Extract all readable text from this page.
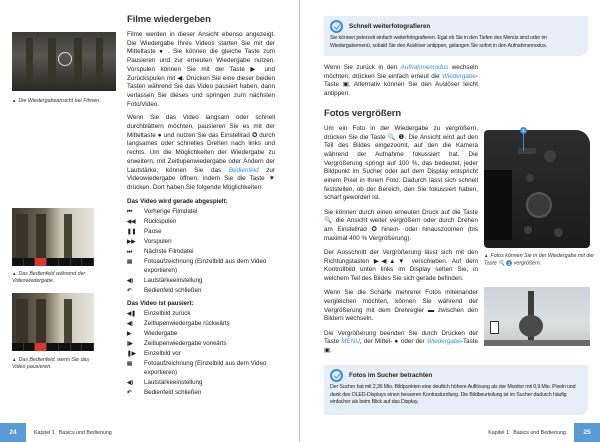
▲ Die Wiedergabeansicht bei Filmen.
▲ Das Bedienfeld während der Videowiedergabe.
▲ Das Bedienfeld, wenn Sie das Video pausieren.
Filme wiedergeben

Filme werden in dieser Ansicht ebenso angezeigt. Die Wiedergabe Ihres Videos starten Sie mit der Mitteltaste ● . Sie können die gleiche Taste zum Pausieren und zur erneuten Wiedergabe nutzen. Vorspulen können Sie mit der Taste ▶ und Zurückspulen mit ◀. Drücken Sie eine dieser beiden Tasten während Sie das Video pausiert haben, dann verlassen Sie dieses und springen zum nächsten Foto/Video.

Wenn Sie das Video langsam oder schnell durchblättern möchten, pausieren Sie es mit der Mitteltaste ● und nutzen Sie das Einstellrad ✪ durch langsames oder schnelles Drehen nach links und rechts. Um die Möglichkeiten der Wiedergabe zu erweitern, mit Zeitlupenwiedergabe oder Ändern der Lautstärke, können Sie das Bedienfeld zur Videowiedergabe öffnen, indem Sie die Taste ▼ drücken. Dort haben Sie folgende Möglichkeiten:

Das Video wird gerade abgespielt:
⏮	Vorherige Filmdatei
◀◀	Rückspulen
❚❚	Pause
▶▶	Vorspulen
⏭	Nächste Filmdatei
▤	Fotoaufzeichnung (Einzelbild aus dem Video exportieren)
◀)	Lautstärkeeinstellung
↶	Bedienfeld schließen
Das Video ist pausiert:
◀❚	Einzelbild zurück
◀|	Zeitlupenwiedergabe rückwärts
▶	Wiedergabe
|▶	Zeitlupenwiedergabe vorwärts
❚▶	Einzelbild vor
▤	Fotoaufzeichnung (Einzelbild aus dem Video exportieren)
◀)	Lautstärkeeinstellung
↶	Bedienfeld schließen
24	Kapitel 1   Basics und Bedienung
Schnell weiterfotografieren
Sie können jederzeit einfach weiterfotografieren. Egal ob Sie in den Tiefen des Menüs sind oder im Wiedergabemenü, sobald Sie den Auslöser antippen, gelangen Sie sofort in den Aufnahmemodus.

Wenn Sie zurück in den Aufnahmemodus wechseln möchten, drücken Sie einfach erneut die Wiedergabe-Taste ▣. Alternativ können Sie den Auslöser leicht antippen.

Fotos vergrößern

Um ein Foto in der Wiedergabe zu vergrößern, drücken Sie die Taste 🔍 ❶. Die Ansicht wird auf den Teil des Bildes eingezoomt, auf den die Kamera während der Aufnahme fokussiert hat. Die Vergrößerung springt auf 100 %, das bedeutet, jeder Bildpunkt im Sucher oder auf dem Display entspricht einem Pixel in Ihrem Foto. Dadurch lässt sich schnell feststellen, ob der Bereich, den Sie fokussiert haben, scharf geworden ist.

Sie können durch einen erneuten Druck auf die Taste 🔍 die Ansicht weiter vergrößern oder durch Drehen am Einstellrad ✪ hinein- oder hinauszoomen (bis maximal 400 % Vergrößerung).

Der Ausschnitt der Vergrößerung lässt sich mit den Richtungstasten ▶◀▲▼ verschieben. Auf dem Kontrollbild unten links im Display sehen Sie, in welchem Teil des Bildes Sie sich gerade befinden.

Wenn Sie die Schärfe mehrerer Fotos miteinander vergleichen möchten, können Sie während der Vergrößerung mit dem Drehregler ▬ zwischen den Bildern wechseln.

Die Vergrößerung beenden Sie durch Drücken der Taste MENU, der Mittel- ● oder der Wiedergabe-Taste ▣.

1
▲ Fotos können Sie in der Wiedergabe mit der Taste 🔍 1 vergrößern.
Fotos im Sucher betrachten
Der Sucher hat mit 2,36 Mio. Bildpunkten eine deutlich höhere Auflösung als der Monitor mit 0,9 Mio. Pixeln und dank des OLED-Displays einen besseren Kontrastumfang. Die Bildbeurteilung ist im Sucher dadurch häufig einfacher als beim Blick auf das Display.
Kapitel 1   Basics und Bedienung	25
